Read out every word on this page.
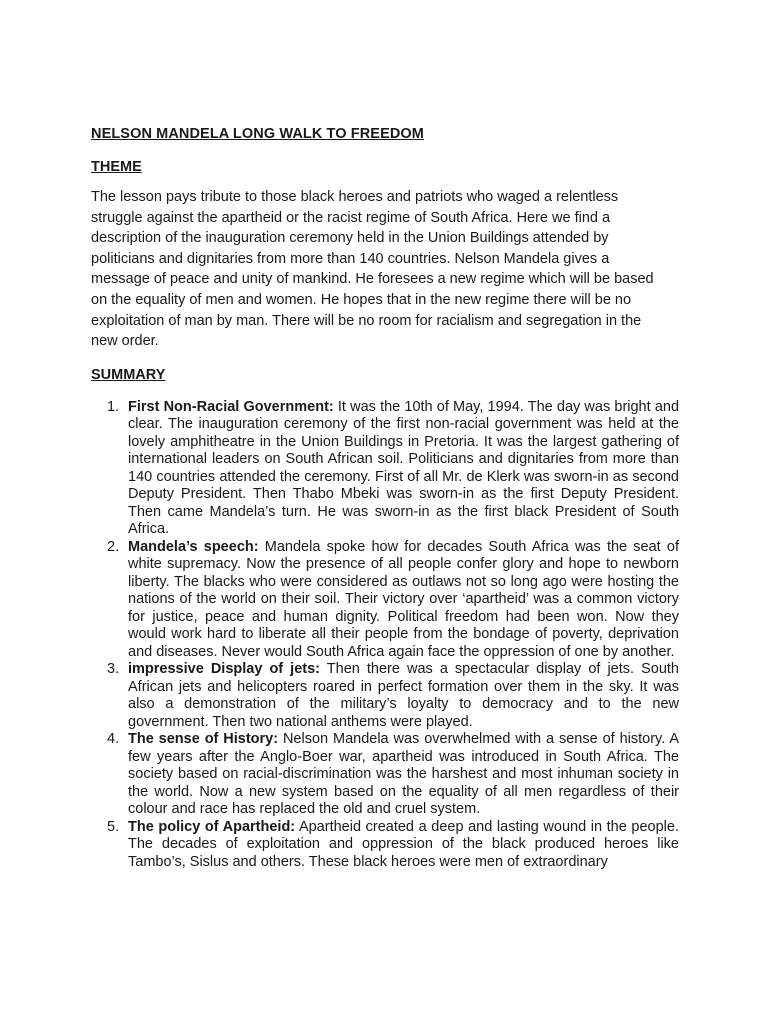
NELSON MANDELA LONG WALK TO FREEDOM
THEME

The lesson pays tribute to those black heroes and patriots who waged a relentless struggle against the apartheid or the racist regime of South Africa. Here we find a description of the inauguration ceremony held in the Union Buildings attended by politicians and dignitaries from more than 140 countries. Nelson Mandela gives a message of peace and unity of mankind. He foresees a new regime which will be based on the equality of men and women. He hopes that in the new regime there will be no exploitation of man by man. There will be no room for racialism and segregation in the new order.

SUMMARY
1. First Non-Racial Government: It was the 10th of May, 1994. The day was bright and clear. The inauguration ceremony of the first non-racial government was held at the lovely amphitheatre in the Union Buildings in Pretoria. It was the largest gathering of international leaders on South African soil. Politicians and dignitaries from more than 140 countries attended the ceremony. First of all Mr. de Klerk was sworn-in as second Deputy President. Then Thabo Mbeki was sworn-in as the first Deputy President. Then came Mandela’s turn. He was sworn-in as the first black President of South Africa.
2. Mandela’s speech: Mandela spoke how for decades South Africa was the seat of white supremacy. Now the presence of all people confer glory and hope to newborn liberty. The blacks who were considered as outlaws not so long ago were hosting the nations of the world on their soil. Their victory over ‘apartheid’ was a common victory for justice, peace and human dignity. Political freedom had been won. Now they would work hard to liberate all their people from the bondage of poverty, deprivation and diseases. Never would South Africa again face the oppression of one by another.
3. impressive Display of jets: Then there was a spectacular display of jets. South African jets and helicopters roared in perfect formation over them in the sky. It was also a demonstration of the military’s loyalty to democracy and to the new government. Then two national anthems were played.
4. The sense of History: Nelson Mandela was overwhelmed with a sense of history. A few years after the Anglo-Boer war, apartheid was introduced in South Africa. The society based on racial-discrimination was the harshest and most inhuman society in the world. Now a new system based on the equality of all men regardless of their colour and race has replaced the old and cruel system.
5. The policy of Apartheid: Apartheid created a deep and lasting wound in the people. The decades of exploitation and oppression of the black produced heroes like Tambo’s, Sislus and others. These black heroes were men of extraordinary
